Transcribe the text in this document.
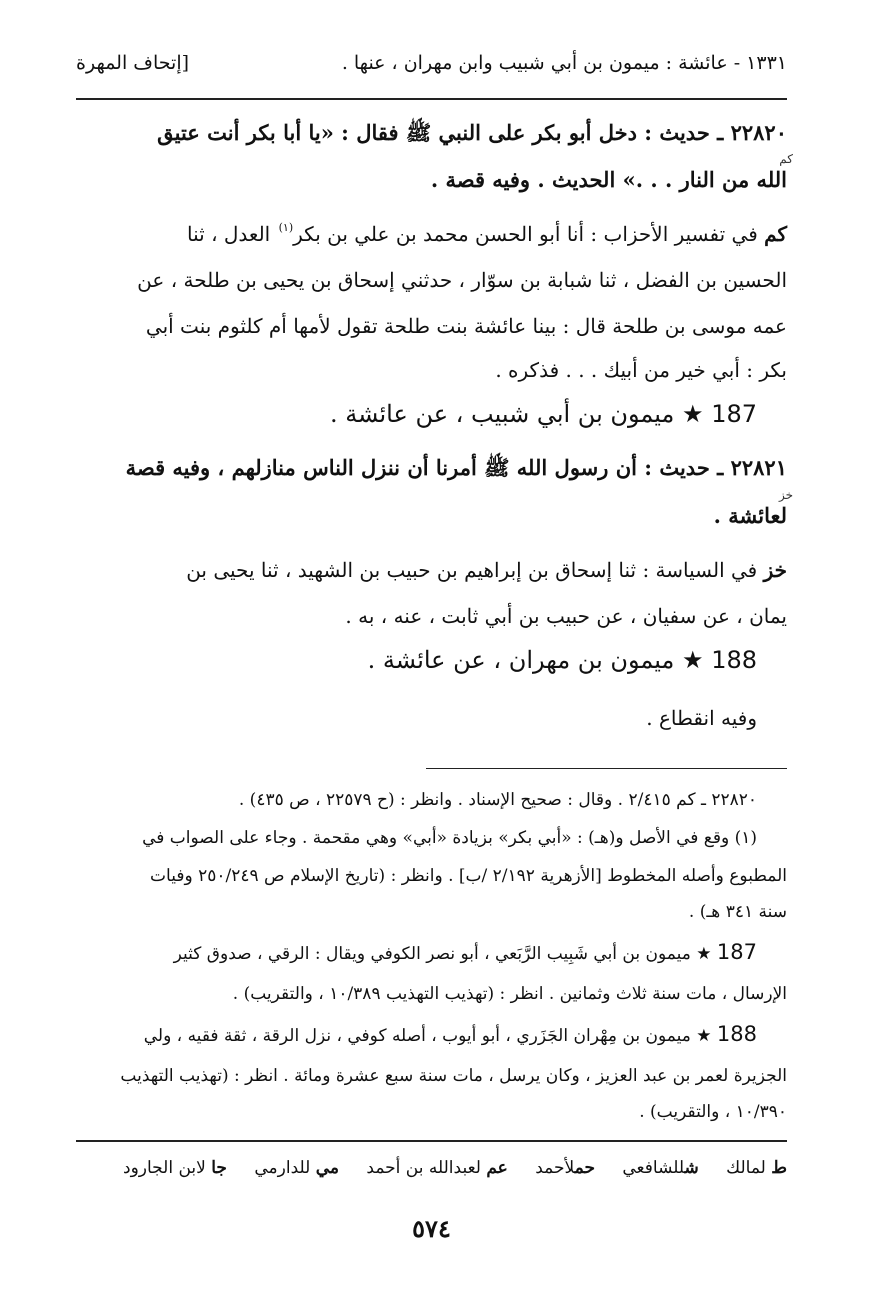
١٣٣١ - عائشة : ميمون بن أبي شبيب وابن مهران ، عنها .
[إتحاف المهرة
٢٢٨٢٠ ـ حديث : دخل أبو بكر على النبي ﷺ فقال : «يا أبا بكر أنت عتيق
كم
الله من النار . . .» الحديث . وفيه قصة .
كم في تفسير الأحزاب : أنا أبو الحسن محمد بن علي بن بكر$^{(١)}$ العدل ، ثنا
الحسين بن الفضل ، ثنا شبابة بن سوّار ، حدثني إسحاق بن يحيى بن طلحة ، عن
عمه موسى بن طلحة قال : بينا عائشة بنت طلحة تقول لأمها أم كلثوم بنت أبي
بكر : أبي خير من أبيك . . . فذكره .
187 ★ ميمون بن أبي شبيب ، عن عائشة .
٢٢٨٢١ ـ حديث : أن رسول الله ﷺ أمرنا أن ننزل الناس منازلهم ، وفيه قصة
خز
لعائشة .
خز في السياسة : ثنا إسحاق بن إبراهيم بن حبيب بن الشهيد ، ثنا يحيى بن
يمان ، عن سفيان ، عن حبيب بن أبي ثابت ، عنه ، به .
188 ★ ميمون بن مهران ، عن عائشة .
وفيه انقطاع .
٢٢٨٢٠ ـ كم ٢/٤١٥ . وقال : صحيح الإسناد . وانظر : (ح ٢٢٥٧٩ ، ص ٤٣٥) .
(١) وقع في الأصل و(هـ) : «أبي بكر» بزيادة «أبي» وهي مقحمة . وجاء على الصواب في
المطبوع وأصله المخطوط [الأزهرية ٢/١٩٢ /ب] . وانظر : (تاريخ الإسلام ص ٢٥٠/٢٤٩ وفيات
سنة ٣٤١ هـ) .
187 ★ ميمون بن أبي شَبِيب الرَّبَعي ، أبو نصر الكوفي ويقال : الرقي ، صدوق كثير
الإرسال ، مات سنة ثلاث وثمانين . انظر : (تهذيب التهذيب ١٠/٣٨٩ ، والتقريب) .
188 ★ ميمون بن مِهْران الجَزَري ، أبو أيوب ، أصله كوفي ، نزل الرقة ، ثقة فقيه ، ولي
الجزيرة لعمر بن عبد العزيز ، وكان يرسل ، مات سنة سبع عشرة ومائة . انظر : (تهذيب التهذيب
١٠/٣٩٠ ، والتقريب) .
ط لمالك شللشافعي حملأحمد عم لعبدالله بن أحمد مي للدارمي جا لابن الجارود
٥٧٤
